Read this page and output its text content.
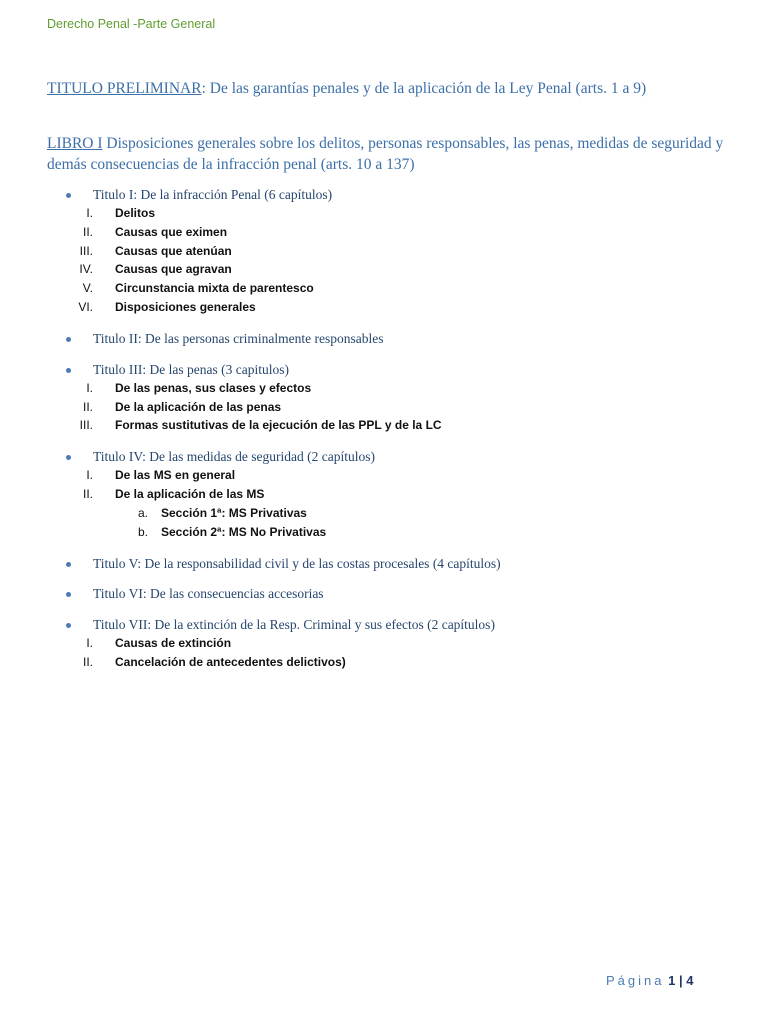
Derecho Penal -Parte General
TITULO PRELIMINAR: De las garantías penales y de la aplicación de la Ley Penal (arts. 1 a 9)
LIBRO I Disposiciones generales sobre los delitos, personas responsables, las penas, medidas de seguridad y demás consecuencias de la infracción penal (arts. 10 a 137)
Titulo I: De la infracción Penal (6 capítulos)
I. Delitos
II. Causas que eximen
III. Causas que atenúan
IV. Causas que agravan
V. Circunstancia mixta de parentesco
VI. Disposiciones generales
Titulo II: De las personas criminalmente responsables
Titulo III: De las penas (3 capitulos)
I. De las penas, sus clases y efectos
II. De la aplicación de las penas
III. Formas sustitutivas de la ejecución de las PPL y de la LC
Titulo IV: De las medidas de seguridad (2 capítulos)
I. De las MS en general
II. De la aplicación de las MS
a. Sección 1ª: MS Privativas
b. Sección 2ª: MS No Privativas
Titulo V: De la responsabilidad civil y de las costas procesales (4 capítulos)
Titulo VI: De las consecuencias accesorias
Titulo VII: De la extinción de la Resp. Criminal y sus efectos (2 capítulos)
I. Causas de extinción
II. Cancelación de antecedentes delictivos)
Página 1 | 4
